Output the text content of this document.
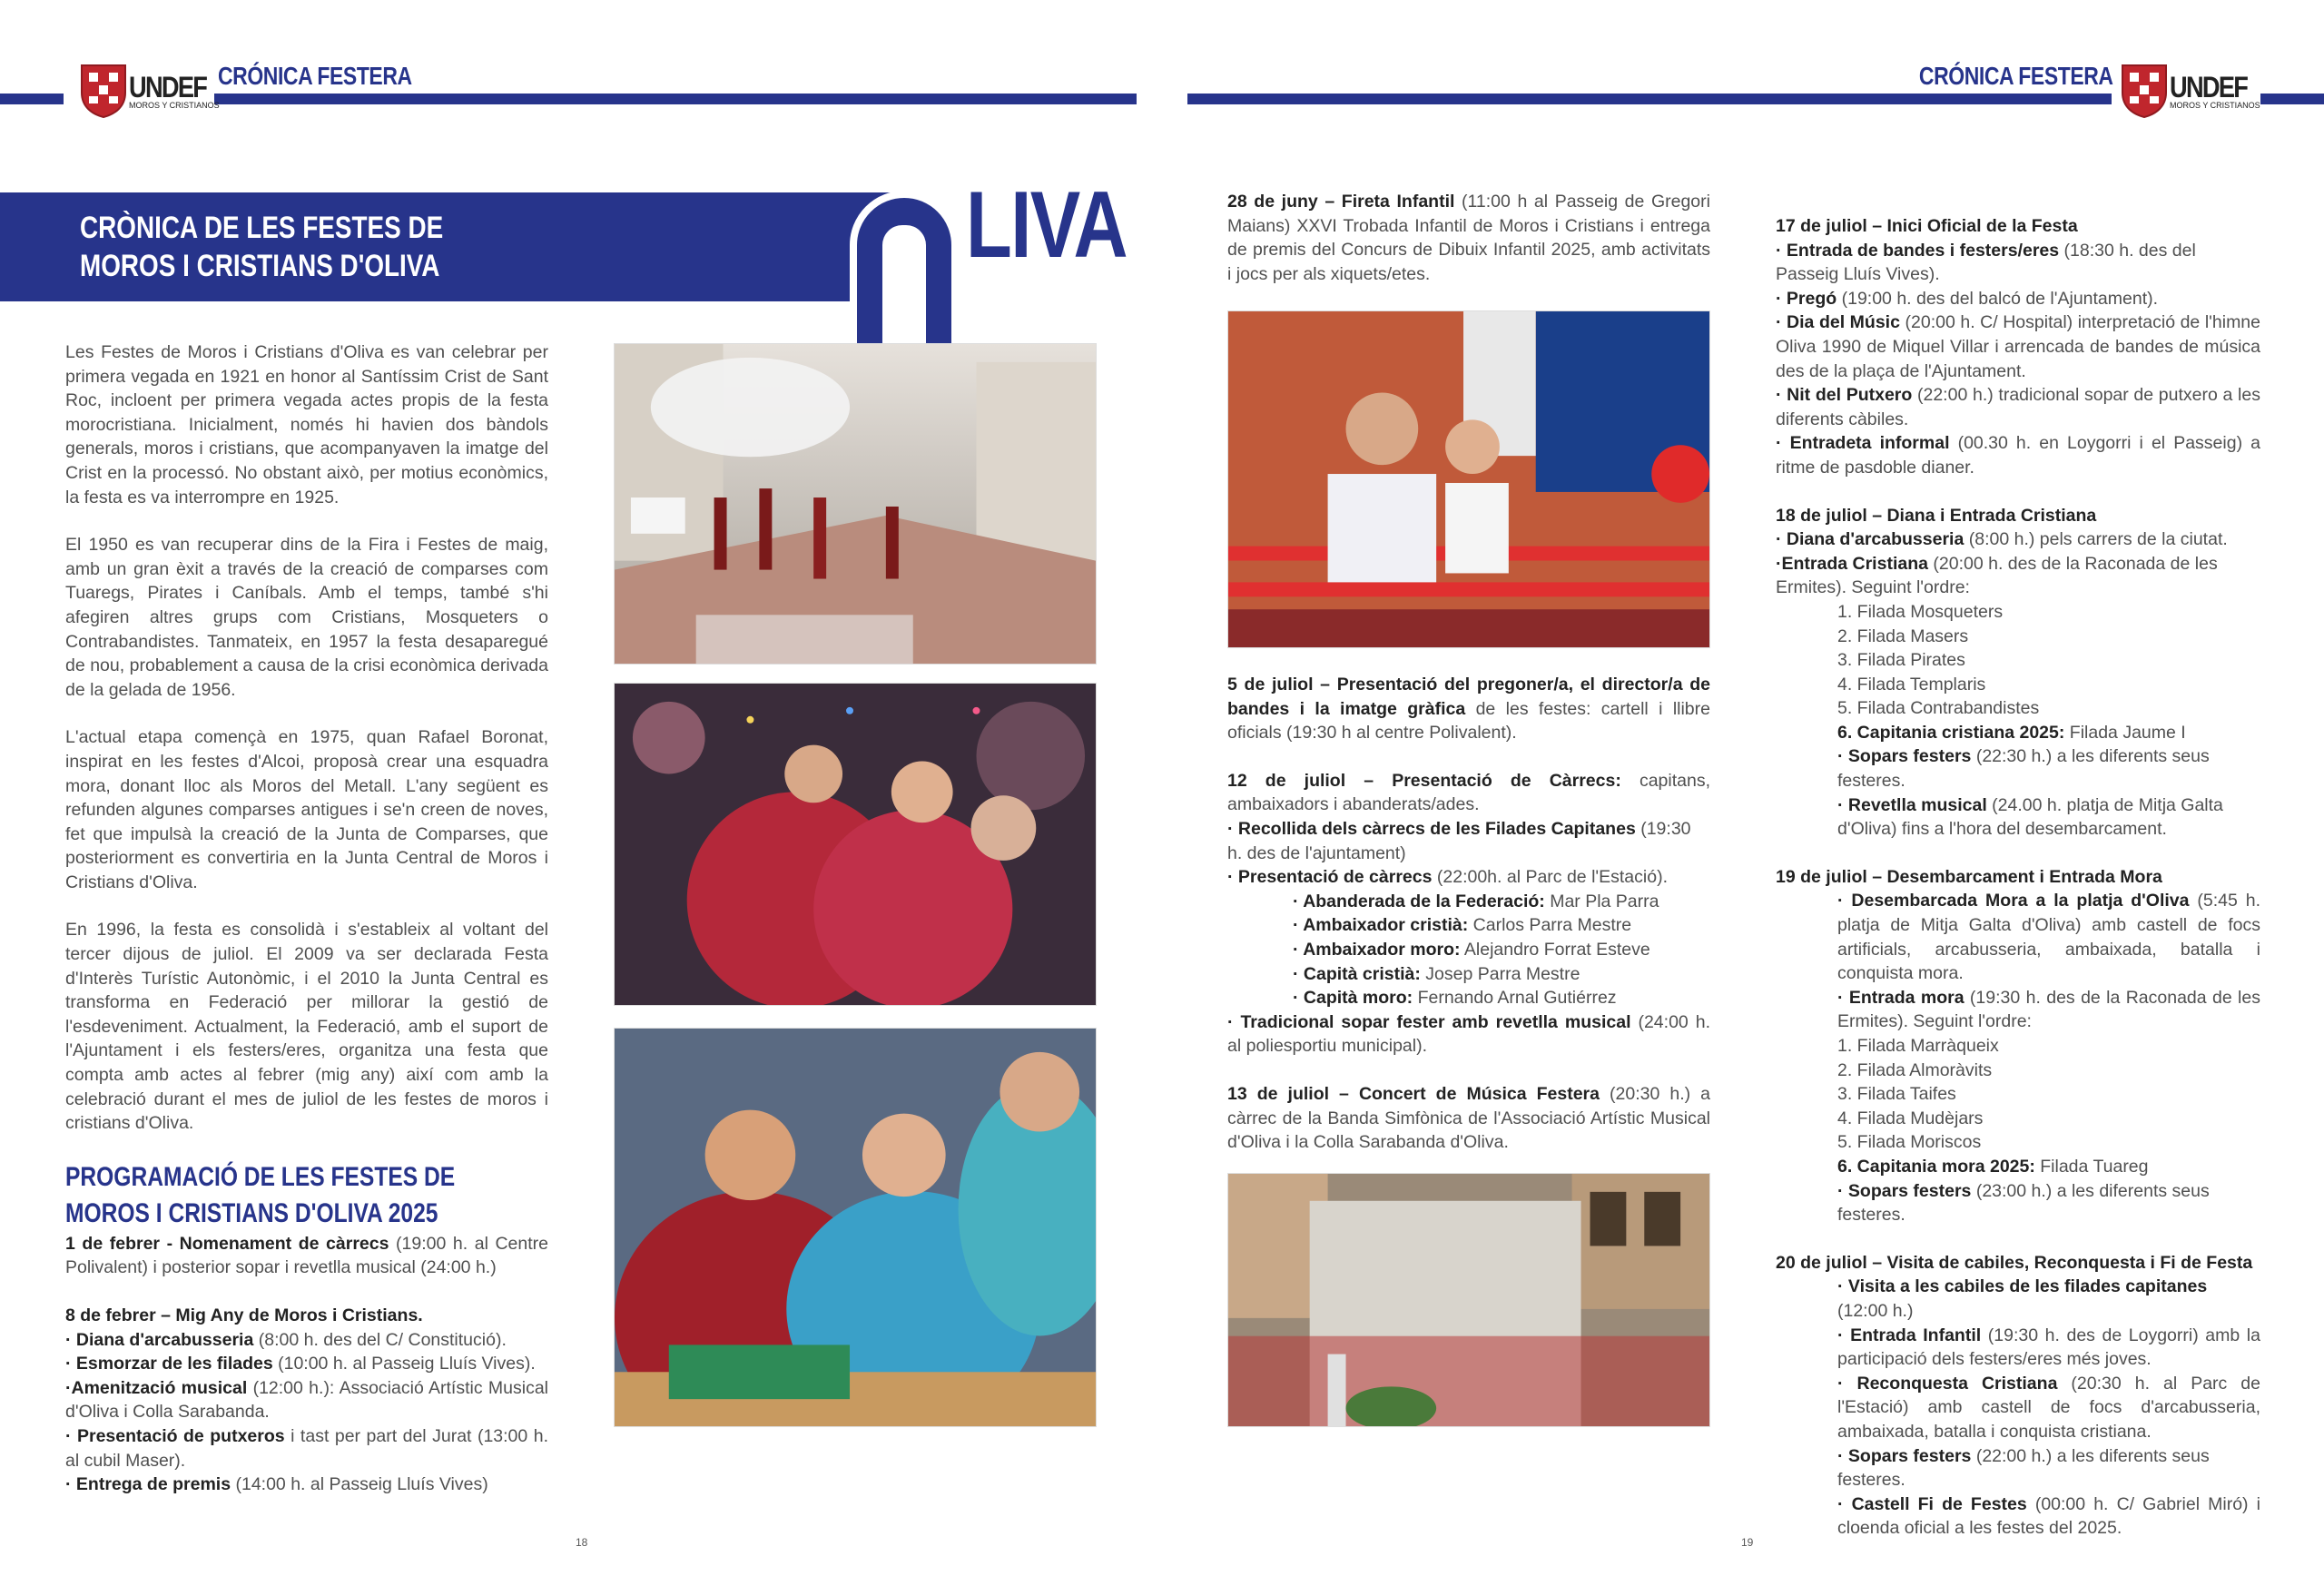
UNDEF
MOROS Y CRISTIANOS
CRÓNICA FESTERA	CRÓNICA FESTERA UNDEF
MOROS Y CRISTIANOS
CRÒNICA DE LES FESTES DE
MOROS I CRISTIANS D'OLIVA
O
LIVA

Les Festes de Moros i Cristians d'Oliva es van celebrar per primera vegada en 1921 en honor al Santíssim Crist de Sant Roc, incloent per primera vegada actes propis de la festa morocristiana. Inicialment, només hi havien dos bàndols generals, moros i cristians, que acompanyaven la imatge del Crist en la processó. No obstant això, per motius econòmics, la festa es va interrompre en 1925.

El 1950 es van recuperar dins de la Fira i Festes de maig, amb un gran èxit a través de la creació de comparses com Tuaregs, Pirates i Caníbals. Amb el temps, també s'hi afegiren altres grups com Cristians, Mosqueters o Contrabandistes. Tanmateix, en 1957 la festa desaparegué de nou, probablement a causa de la crisi econòmica derivada de la gelada de 1956.

L'actual etapa començà en 1975, quan Rafael Boronat, inspirat en les festes d'Alcoi, proposà crear una esquadra mora, donant lloc als Moros del Metall. L'any següent es refunden algunes comparses antigues i se'n creen de noves, fet que impulsà la creació de la Junta de Comparses, que posteriorment es convertiria en la Junta Central de Moros i Cristians d'Oliva.

En 1996, la festa es consolidà i s'estableix al voltant del tercer dijous de juliol. El 2009 va ser declarada Festa d'Interès Turístic Autonòmic, i el 2010 la Junta Central es transforma en Federació per millorar la gestió de l'esdeveniment. Actualment, la Federació, amb el suport de l'Ajuntament i els festers/eres, organitza una festa que compta amb actes al febrer (mig any) així com amb la celebració durant el mes de juliol de les festes de moros i cristians d'Oliva.

PROGRAMACIÓ DE LES FESTES DE
MOROS I CRISTIANS D'OLIVA 2025

1 de febrer - Nomenament de càrrecs (19:00 h. al Centre Polivalent) i posterior sopar i revetlla musical (24:00 h.)

8 de febrer – Mig Any de Moros i Cristians.
· Diana d'arcabusseria (8:00 h. des del C/ Constitució).
· Esmorzar de les filades (10:00 h. al Passeig Lluís Vives).
·Amenització musical (12:00 h.): Associació Artístic Musical d'Oliva i Colla Sarabanda.
· Presentació de putxeros i tast per part del Jurat (13:00 h. al cubil Maser).
· Entrega de premis (14:00 h. al Passeig Lluís Vives)

28 de juny – Fireta Infantil (11:00 h al Passeig de Gregori Maians) XXVI Trobada Infantil de Moros i Cristians i entrega de premis del Concurs de Dibuix Infantil 2025, amb activitats i jocs per als xiquets/etes.

5 de juliol – Presentació del pregoner/a, el director/a de bandes i la imatge gràfica de les festes: cartell i llibre oficials (19:30 h al centre Polivalent).

12 de juliol – Presentació de Càrrecs: capitans, ambaixadors i abanderats/ades.
· Recollida dels càrrecs de les Filades Capitanes (19:30 h. des de l'ajuntament)
· Presentació de càrrecs (22:00h. al Parc de l'Estació).
· Abanderada de la Federació: Mar Pla Parra
· Ambaixador cristià: Carlos Parra Mestre
· Ambaixador moro: Alejandro Forrat Esteve
· Capità cristià: Josep Parra Mestre
· Capità moro: Fernando Arnal Gutiérrez

· Tradicional sopar fester amb revetlla musical (24:00 h. al poliesportiu municipal).

13 de juliol – Concert de Música Festera (20:30 h.) a càrrec de la Banda Simfònica de l'Associació Artístic Musical d'Oliva i la Colla Sarabanda d'Oliva.

17 de juliol – Inici Oficial de la Festa
· Entrada de bandes i festers/eres (18:30 h. des del Passeig Lluís Vives).
· Pregó (19:00 h. des del balcó de l'Ajuntament).
· Dia del Músic (20:00 h. C/ Hospital) interpretació de l'himne Oliva 1990 de Miquel Villar i arrencada de bandes de música des de la plaça de l'Ajuntament.
· Nit del Putxero (22:00 h.) tradicional sopar de putxero a les diferents càbiles.
· Entradeta informal (00.30 h. en Loygorri i el Passeig) a ritme de pasdoble dianer.
18 de juliol – Diana i Entrada Cristiana
· Diana d'arcabusseria (8:00 h.) pels carrers de la ciutat.
·Entrada Cristiana (20:00 h. des de la Raconada de les Ermites). Seguint l'ordre:
1. Filada Mosqueters
2. Filada Masers
3. Filada Pirates
4. Filada Templaris
5. Filada Contrabandistes
6. Capitania cristiana 2025: Filada Jaume I
· Sopars festers (22:30 h.) a les diferents seus festeres.
· Revetlla musical (24.00 h. platja de Mitja Galta d'Oliva) fins a l'hora del desembarcament.
19 de juliol – Desembarcament i Entrada Mora
· Desembarcada Mora a la platja d'Oliva (5:45 h. platja de Mitja Galta d'Oliva) amb castell de focs artificials, arcabusseria, ambaixada, batalla i conquista mora.
· Entrada mora (19:30 h. des de la Raconada de les Ermites). Seguint l'ordre:
1. Filada Marràqueix
2. Filada Almoràvits
3. Filada Taifes
4. Filada Mudèjars
5. Filada Moriscos
6. Capitania mora 2025: Filada Tuareg
· Sopars festers (23:00 h.) a les diferents seus festeres.
20 de juliol – Visita de cabiles, Reconquesta i Fi de Festa
· Visita a les cabiles de les filades capitanes (12:00 h.)
· Entrada Infantil (19:30 h. des de Loygorri) amb la participació dels festers/eres més joves.
· Reconquesta Cristiana (20:30 h. al Parc de l'Estació) amb castell de focs d'arcabusseria, ambaixada, batalla i conquista cristiana.
· Sopars festers (22:00 h.) a les diferents seus festeres.
· Castell Fi de Festes (00:00 h. C/ Gabriel Miró) i cloenda oficial a les festes del 2025.
18	19
